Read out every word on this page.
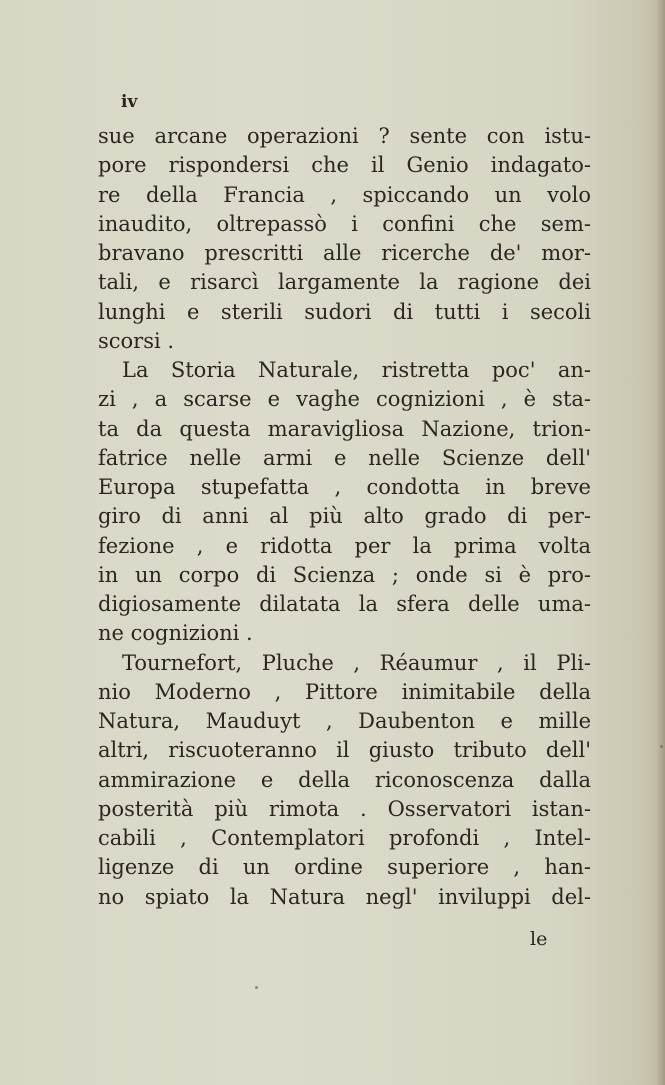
iv
sue arcane operazioni ? sente con istu-
pore rispondersi che il Genio indagato-
re della Francia , spiccando un volo
inaudito, oltrepassò i confini che sem-
bravano prescritti alle ricerche de' mor-
tali, e risarcì largamente la ragione dei
lunghi e sterili sudori di tutti i secoli
scorsi .
La Storia Naturale, ristretta poc' an-
zi , a scarse e vaghe cognizioni , è sta-
ta da questa maravigliosa Nazione, trion-
fatrice nelle armi e nelle Scienze dell'
Europa stupefatta , condotta in breve
giro di anni al più alto grado di per-
fezione , e ridotta per la prima volta
in un corpo di Scienza ; onde si è pro-
digiosamente dilatata la sfera delle uma-
ne cognizioni .
Tournefort, Pluche , Réaumur , il Pli-
nio Moderno , Pittore inimitabile della
Natura, Mauduyt , Daubenton e mille
altri, riscuoteranno il giusto tributo dell'
ammirazione e della riconoscenza dalla
posterità più rimota . Osservatori istan-
cabili , Contemplatori profondi , Intel-
ligenze di un ordine superiore , han-
no spiato la Natura negl' inviluppi del-
le
